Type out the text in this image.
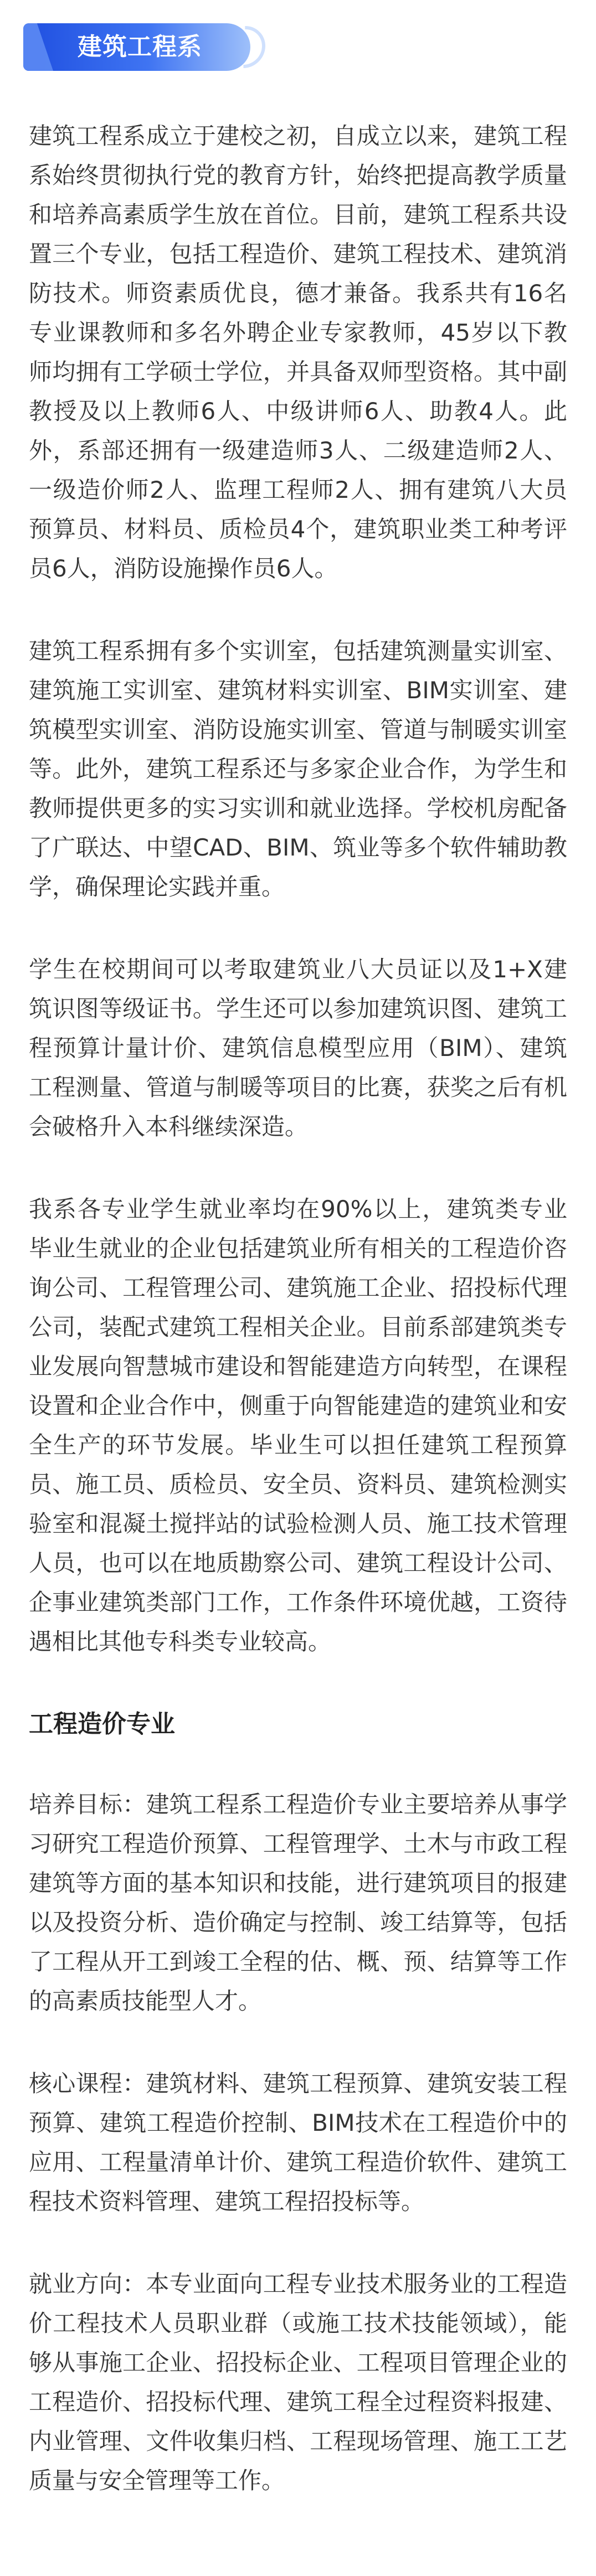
建筑工程系

建筑工程系成立于建校之初，自成立以来，建筑工程系始终贯彻执行党的教育方针，始终把提高教学质量和培养高素质学生放在首位。目前，建筑工程系共设置三个专业，包括工程造价、建筑工程技术、建筑消防技术。师资素质优良，德才兼备。我系共有16名专业课教师和多名外聘企业专家教师，45岁以下教师均拥有工学硕士学位，并具备双师型资格。其中副教授及以上教师6人、中级讲师6人、助教4人。此外，系部还拥有一级建造师3人、二级建造师2人、一级造价师2人、监理工程师2人、拥有建筑八大员预算员、材料员、质检员4个，建筑职业类工种考评员6人，消防设施操作员6人。

建筑工程系拥有多个实训室，包括建筑测量实训室、建筑施工实训室、建筑材料实训室、BIM实训室、建筑模型实训室、消防设施实训室、管道与制暖实训室等。此外，建筑工程系还与多家企业合作，为学生和教师提供更多的实习实训和就业选择。学校机房配备了广联达、中望CAD、BIM、筑业等多个软件辅助教学，确保理论实践并重。

学生在校期间可以考取建筑业八大员证以及1+X建筑识图等级证书。学生还可以参加建筑识图、建筑工程预算计量计价、建筑信息模型应用（BIM）、建筑工程测量、管道与制暖等项目的比赛，获奖之后有机会破格升入本科继续深造。

我系各专业学生就业率均在90%以上，建筑类专业毕业生就业的企业包括建筑业所有相关的工程造价咨询公司、工程管理公司、建筑施工企业、招投标代理公司，装配式建筑工程相关企业。目前系部建筑类专业发展向智慧城市建设和智能建造方向转型，在课程设置和企业合作中，侧重于向智能建造的建筑业和安全生产的环节发展。毕业生可以担任建筑工程预算员、施工员、质检员、安全员、资料员、建筑检测实验室和混凝土搅拌站的试验检测人员、施工技术管理人员，也可以在地质勘察公司、建筑工程设计公司、企事业建筑类部门工作，工作条件环境优越，工资待遇相比其他专科类专业较高。

工程造价专业

培养目标：建筑工程系工程造价专业主要培养从事学习研究工程造价预算、工程管理学、土木与市政工程建筑等方面的基本知识和技能，进行建筑项目的报建以及投资分析、造价确定与控制、竣工结算等，包括了工程从开工到竣工全程的估、概、预、结算等工作的高素质技能型人才。

核心课程：建筑材料、建筑工程预算、建筑安装工程预算、建筑工程造价控制、BIM技术在工程造价中的应用、工程量清单计价、建筑工程造价软件、建筑工程技术资料管理、建筑工程招投标等。

就业方向：本专业面向工程专业技术服务业的工程造价工程技术人员职业群（或施工技术技能领域），能够从事施工企业、招投标企业、工程项目管理企业的工程造价、招投标代理、建筑工程全过程资料报建、内业管理、文件收集归档、工程现场管理、施工工艺质量与安全管理等工作。
